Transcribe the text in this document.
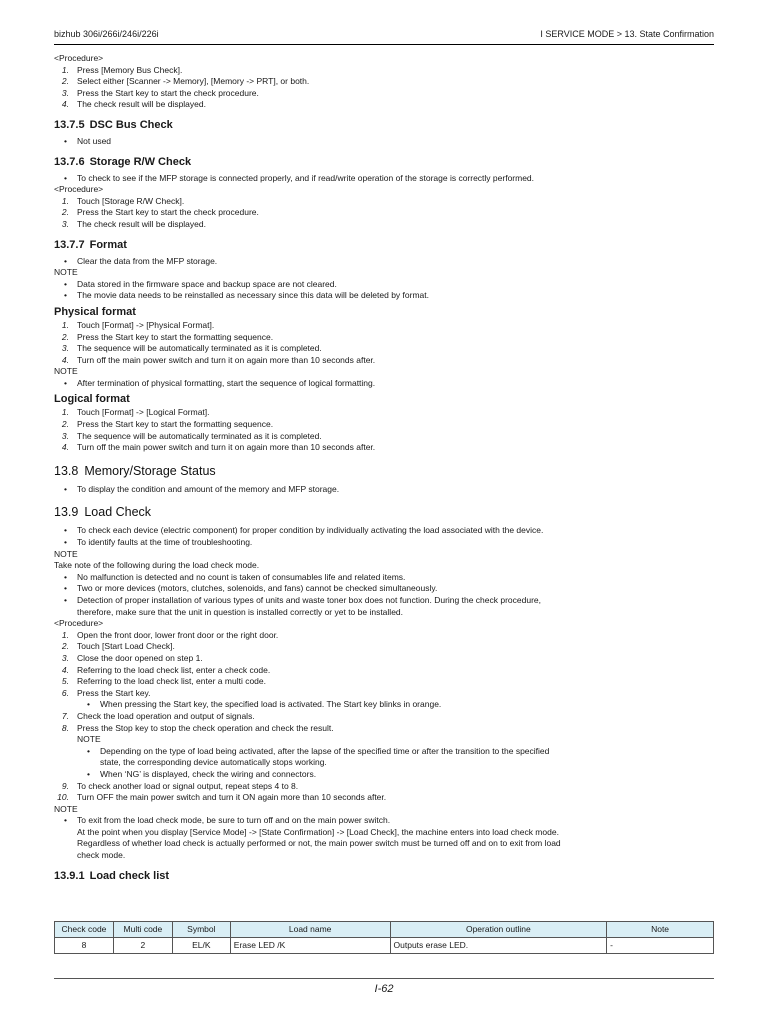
bizhub 306i/266i/246i/226i	I SERVICE MODE > 13. State Confirmation
<Procedure>
1. Press [Memory Bus Check].
2. Select either [Scanner -> Memory], [Memory -> PRT], or both.
3. Press the Start key to start the check procedure.
4. The check result will be displayed.
13.7.5 DSC Bus Check
• Not used
13.7.6 Storage R/W Check
• To check to see if the MFP storage is connected properly, and if read/write operation of the storage is correctly performed.
<Procedure>
1. Touch [Storage R/W Check].
2. Press the Start key to start the check procedure.
3. The check result will be displayed.
13.7.7 Format
• Clear the data from the MFP storage.
NOTE
• Data stored in the firmware space and backup space are not cleared.
• The movie data needs to be reinstalled as necessary since this data will be deleted by format.
Physical format
1. Touch [Format] -> [Physical Format].
2. Press the Start key to start the formatting sequence.
3. The sequence will be automatically terminated as it is completed.
4. Turn off the main power switch and turn it on again more than 10 seconds after.
NOTE
• After termination of physical formatting, start the sequence of logical formatting.
Logical format
1. Touch [Format] -> [Logical Format].
2. Press the Start key to start the formatting sequence.
3. The sequence will be automatically terminated as it is completed.
4. Turn off the main power switch and turn it on again more than 10 seconds after.
13.8 Memory/Storage Status
• To display the condition and amount of the memory and MFP storage.
13.9 Load Check
• To check each device (electric component) for proper condition by individually activating the load associated with the device.
• To identify faults at the time of troubleshooting.
NOTE
Take note of the following during the load check mode.
• No malfunction is detected and no count is taken of consumables life and related items.
• Two or more devices (motors, clutches, solenoids, and fans) cannot be checked simultaneously.
• Detection of proper installation of various types of units and waste toner box does not function. During the check procedure,
therefore, make sure that the unit in question is installed correctly or yet to be installed.
<Procedure>
1. Open the front door, lower front door or the right door.
2. Touch [Start Load Check].
3. Close the door opened on step 1.
4. Referring to the load check list, enter a check code.
5. Referring to the load check list, enter a multi code.
6. Press the Start key.
• When pressing the Start key, the specified load is activated. The Start key blinks in orange.
7. Check the load operation and output of signals.
8. Press the Stop key to stop the check operation and check the result.
NOTE
• Depending on the type of load being activated, after the lapse of the specified time or after the transition to the specified
state, the corresponding device automatically stops working.
• When ‘NG’ is displayed, check the wiring and connectors.
9. To check another load or signal output, repeat steps 4 to 8.
10. Turn OFF the main power switch and turn it ON again more than 10 seconds after.
NOTE
• To exit from the load check mode, be sure to turn off and on the main power switch.
At the point when you display [Service Mode] -> [State Confirmation] -> [Load Check], the machine enters into load check mode.
Regardless of whether load check is actually performed or not, the main power switch must be turned off and on to exit from load
check mode.
13.9.1 Load check list
Check code	Multi code	Symbol	Load name	Operation outline	Note
8	2	EL/K	Erase LED /K	Outputs erase LED.	-
I-62
